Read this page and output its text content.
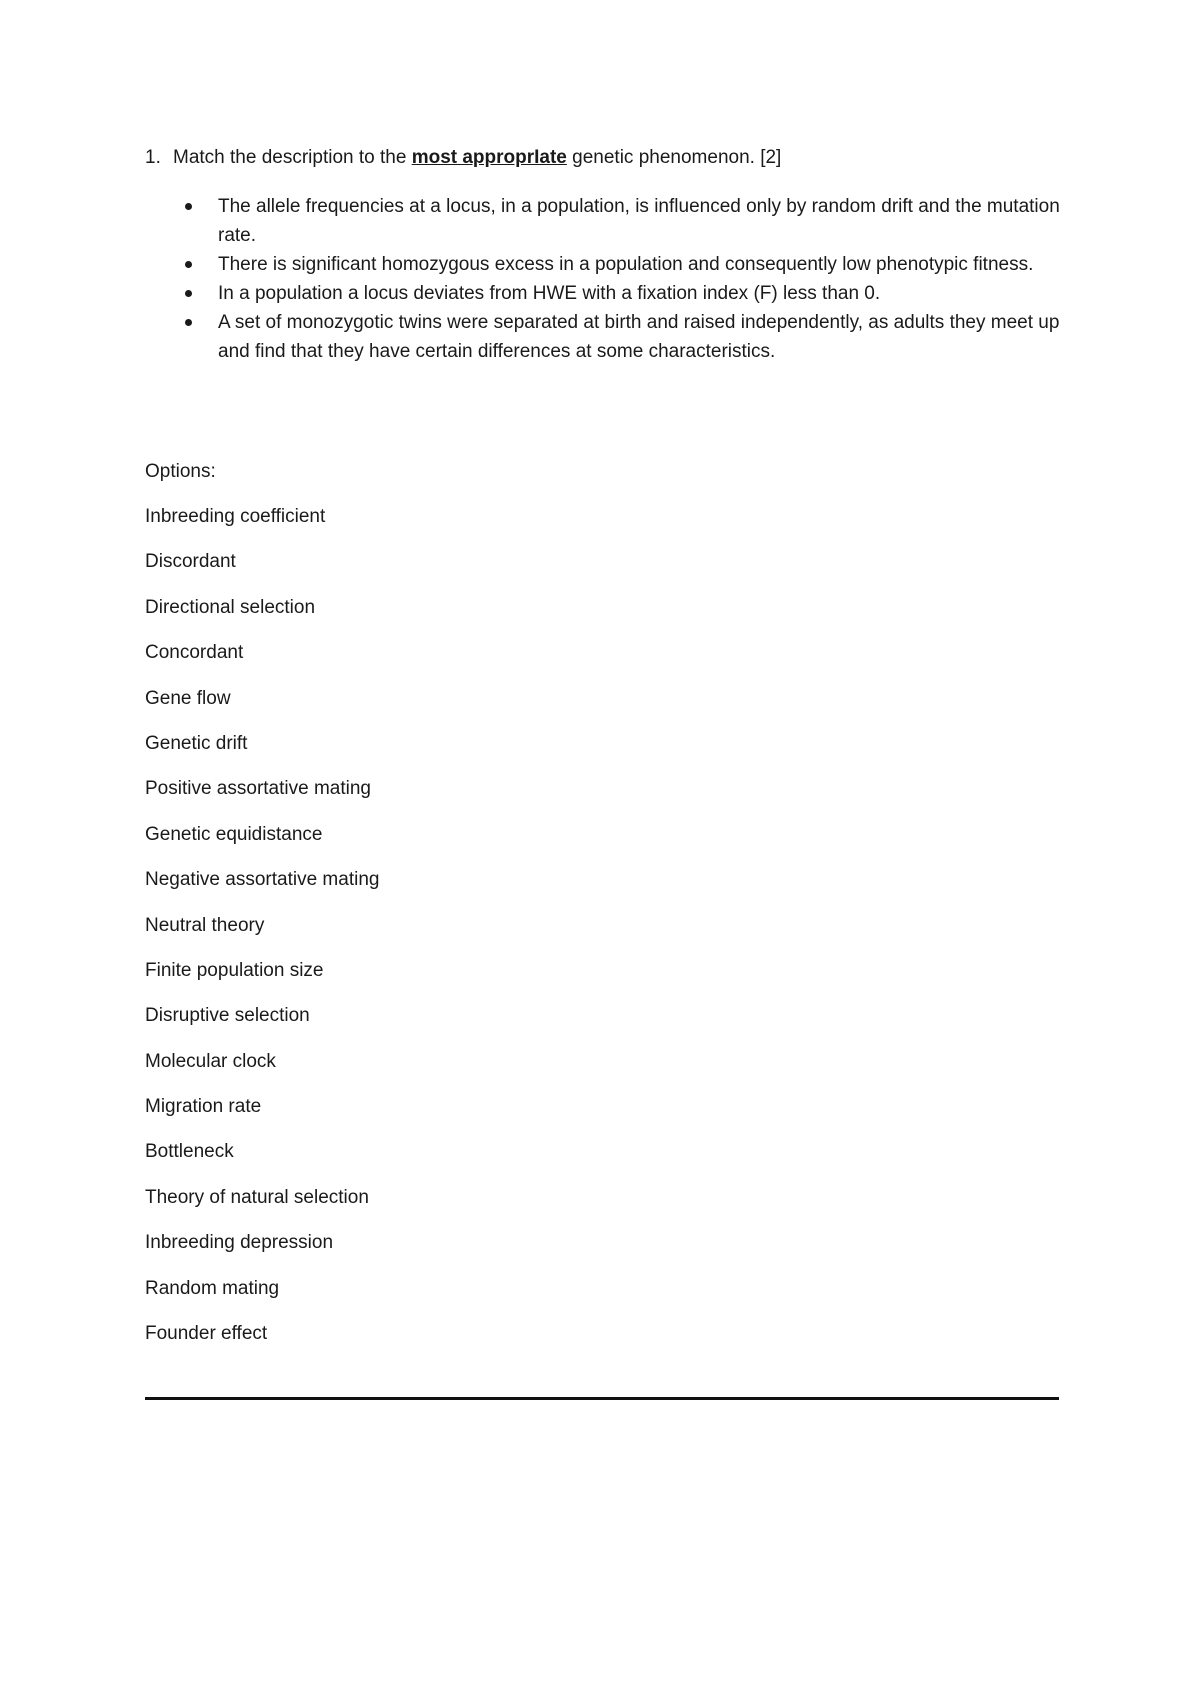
1. Match the description to the most approprIate genetic phenomenon. [2]
The allele frequencies at a locus, in a population, is influenced only by random drift and the mutation rate.
There is significant homozygous excess in a population and consequently low phenotypic fitness.
In a population a locus deviates from HWE with a fixation index (F) less than 0.
A set of monozygotic twins were separated at birth and raised independently, as adults they meet up and find that they have certain differences at some characteristics.
Options:
Inbreeding coefficient
Discordant
Directional selection
Concordant
Gene flow
Genetic drift
Positive assortative mating
Genetic equidistance
Negative assortative mating
Neutral theory
Finite population size
Disruptive selection
Molecular clock
Migration rate
Bottleneck
Theory of natural selection
Inbreeding depression
Random mating
Founder effect
